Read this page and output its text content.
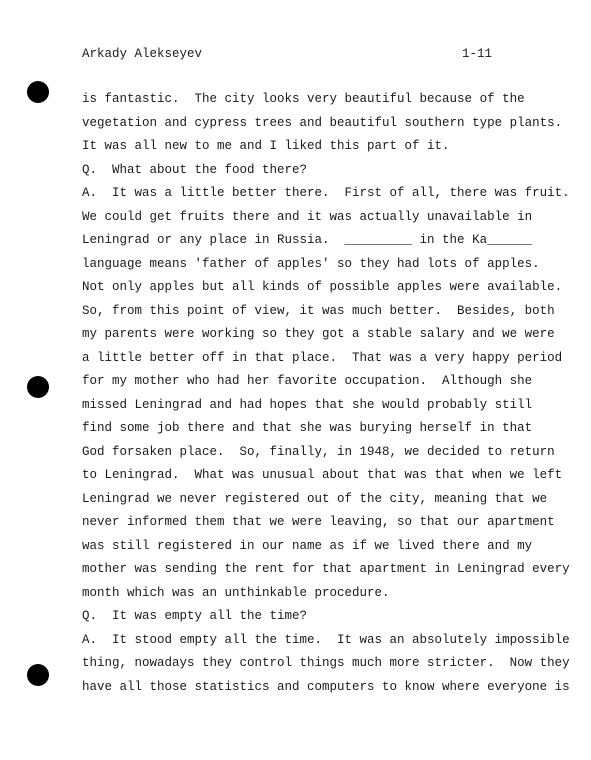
Arkady Alekseyev	1-11
is fantastic.  The city looks very beautiful because of the
vegetation and cypress trees and beautiful southern type plants.
It was all new to me and I liked this part of it.
Q.  What about the food there?
A.  It was a little better there.  First of all, there was fruit.
We could get fruits there and it was actually unavailable in
Leningrad or any place in Russia.  _________ in the Ka______
language means 'father of apples' so they had lots of apples.
Not only apples but all kinds of possible apples were available.
So, from this point of view, it was much better.  Besides, both
my parents were working so they got a stable salary and we were
a little better off in that place.  That was a very happy period
for my mother who had her favorite occupation.  Although she
missed Leningrad and had hopes that she would probably still
find some job there and that she was burying herself in that
God forsaken place.  So, finally, in 1948, we decided to return
to Leningrad.  What was unusual about that was that when we left
Leningrad we never registered out of the city, meaning that we
never informed them that we were leaving, so that our apartment
was still registered in our name as if we lived there and my
mother was sending the rent for that apartment in Leningrad every
month which was an unthinkable procedure.
Q.  It was empty all the time?
A.  It stood empty all the time.  It was an absolutely impossible
thing, nowadays they control things much more stricter.  Now they
have all those statistics and computers to know where everyone is
